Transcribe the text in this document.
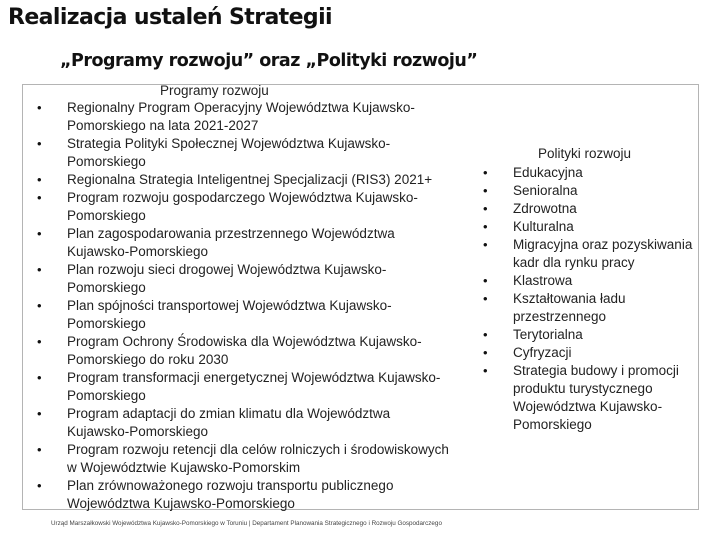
Realizacja ustaleń Strategii
„Programy rozwoju” oraz „Polityki rozwoju”
Programy rozwoju
• Regionalny Program Operacyjny Województwa Kujawsko-Pomorskiego na lata 2021-2027
• Strategia Polityki Społecznej Województwa Kujawsko-Pomorskiego
• Regionalna Strategia Inteligentnej Specjalizacji (RIS3) 2021+
• Program rozwoju gospodarczego Województwa Kujawsko-Pomorskiego
• Plan zagospodarowania przestrzennego Województwa Kujawsko-Pomorskiego
• Plan rozwoju sieci drogowej Województwa Kujawsko-Pomorskiego
• Plan spójności transportowej Województwa Kujawsko-Pomorskiego
• Program Ochrony Środowiska dla Województwa Kujawsko-Pomorskiego do roku 2030
• Program transformacji energetycznej Województwa Kujawsko-Pomorskiego
• Program adaptacji do zmian klimatu dla Województwa Kujawsko-Pomorskiego
• Program rozwoju retencji dla celów rolniczych i środowiskowych w Województwie Kujawsko-Pomorskim
• Plan zrównoważonego rozwoju transportu publicznego Województwa Kujawsko-Pomorskiego
Polityki rozwoju
• Edukacyjna
• Senioralna
• Zdrowotna
• Kulturalna
• Migracyjna oraz pozyskiwania kadr dla rynku pracy
• Klastrowa
• Kształtowania ładu przestrzennego
• Terytorialna
• Cyfryzacji
• Strategia budowy i promocji produktu turystycznego Województwa Kujawsko-Pomorskiego
Urząd Marszałkowski Województwa Kujawsko-Pomorskiego w Toruniu | Departament Planowania Strategicznego i Rozwoju Gospodarczego
